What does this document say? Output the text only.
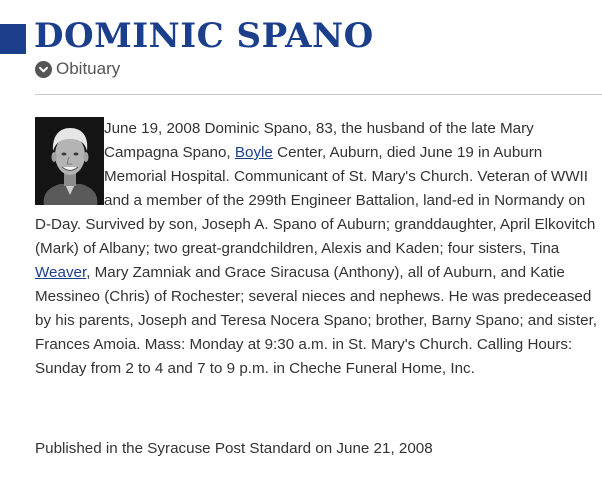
DOMINIC SPANO
Obituary

June 19, 2008 Dominic Spano, 83, the husband of the late Mary Campagna Spano, Boyle Center, Auburn, died June 19 in Auburn Memorial Hospital. Communicant of St. Mary's Church. Veteran of WWII and a member of the 299th Engineer Battalion, land-ed in Normandy on D-Day. Survived by son, Joseph A. Spano of Auburn; granddaughter, April Elkovitch (Mark) of Albany; two great-grandchildren, Alexis and Kaden; four sisters, Tina Weaver, Mary Zamniak and Grace Siracusa (Anthony), all of Auburn, and Katie Messineo (Chris) of Rochester; several nieces and nephews. He was predeceased by his parents, Joseph and Teresa Nocera Spano; brother, Barny Spano; and sister, Frances Amoia. Mass: Monday at 9:30 a.m. in St. Mary's Church. Calling Hours: Sunday from 2 to 4 and 7 to 9 p.m. in Cheche Funeral Home, Inc.

Published in the Syracuse Post Standard on June 21, 2008
